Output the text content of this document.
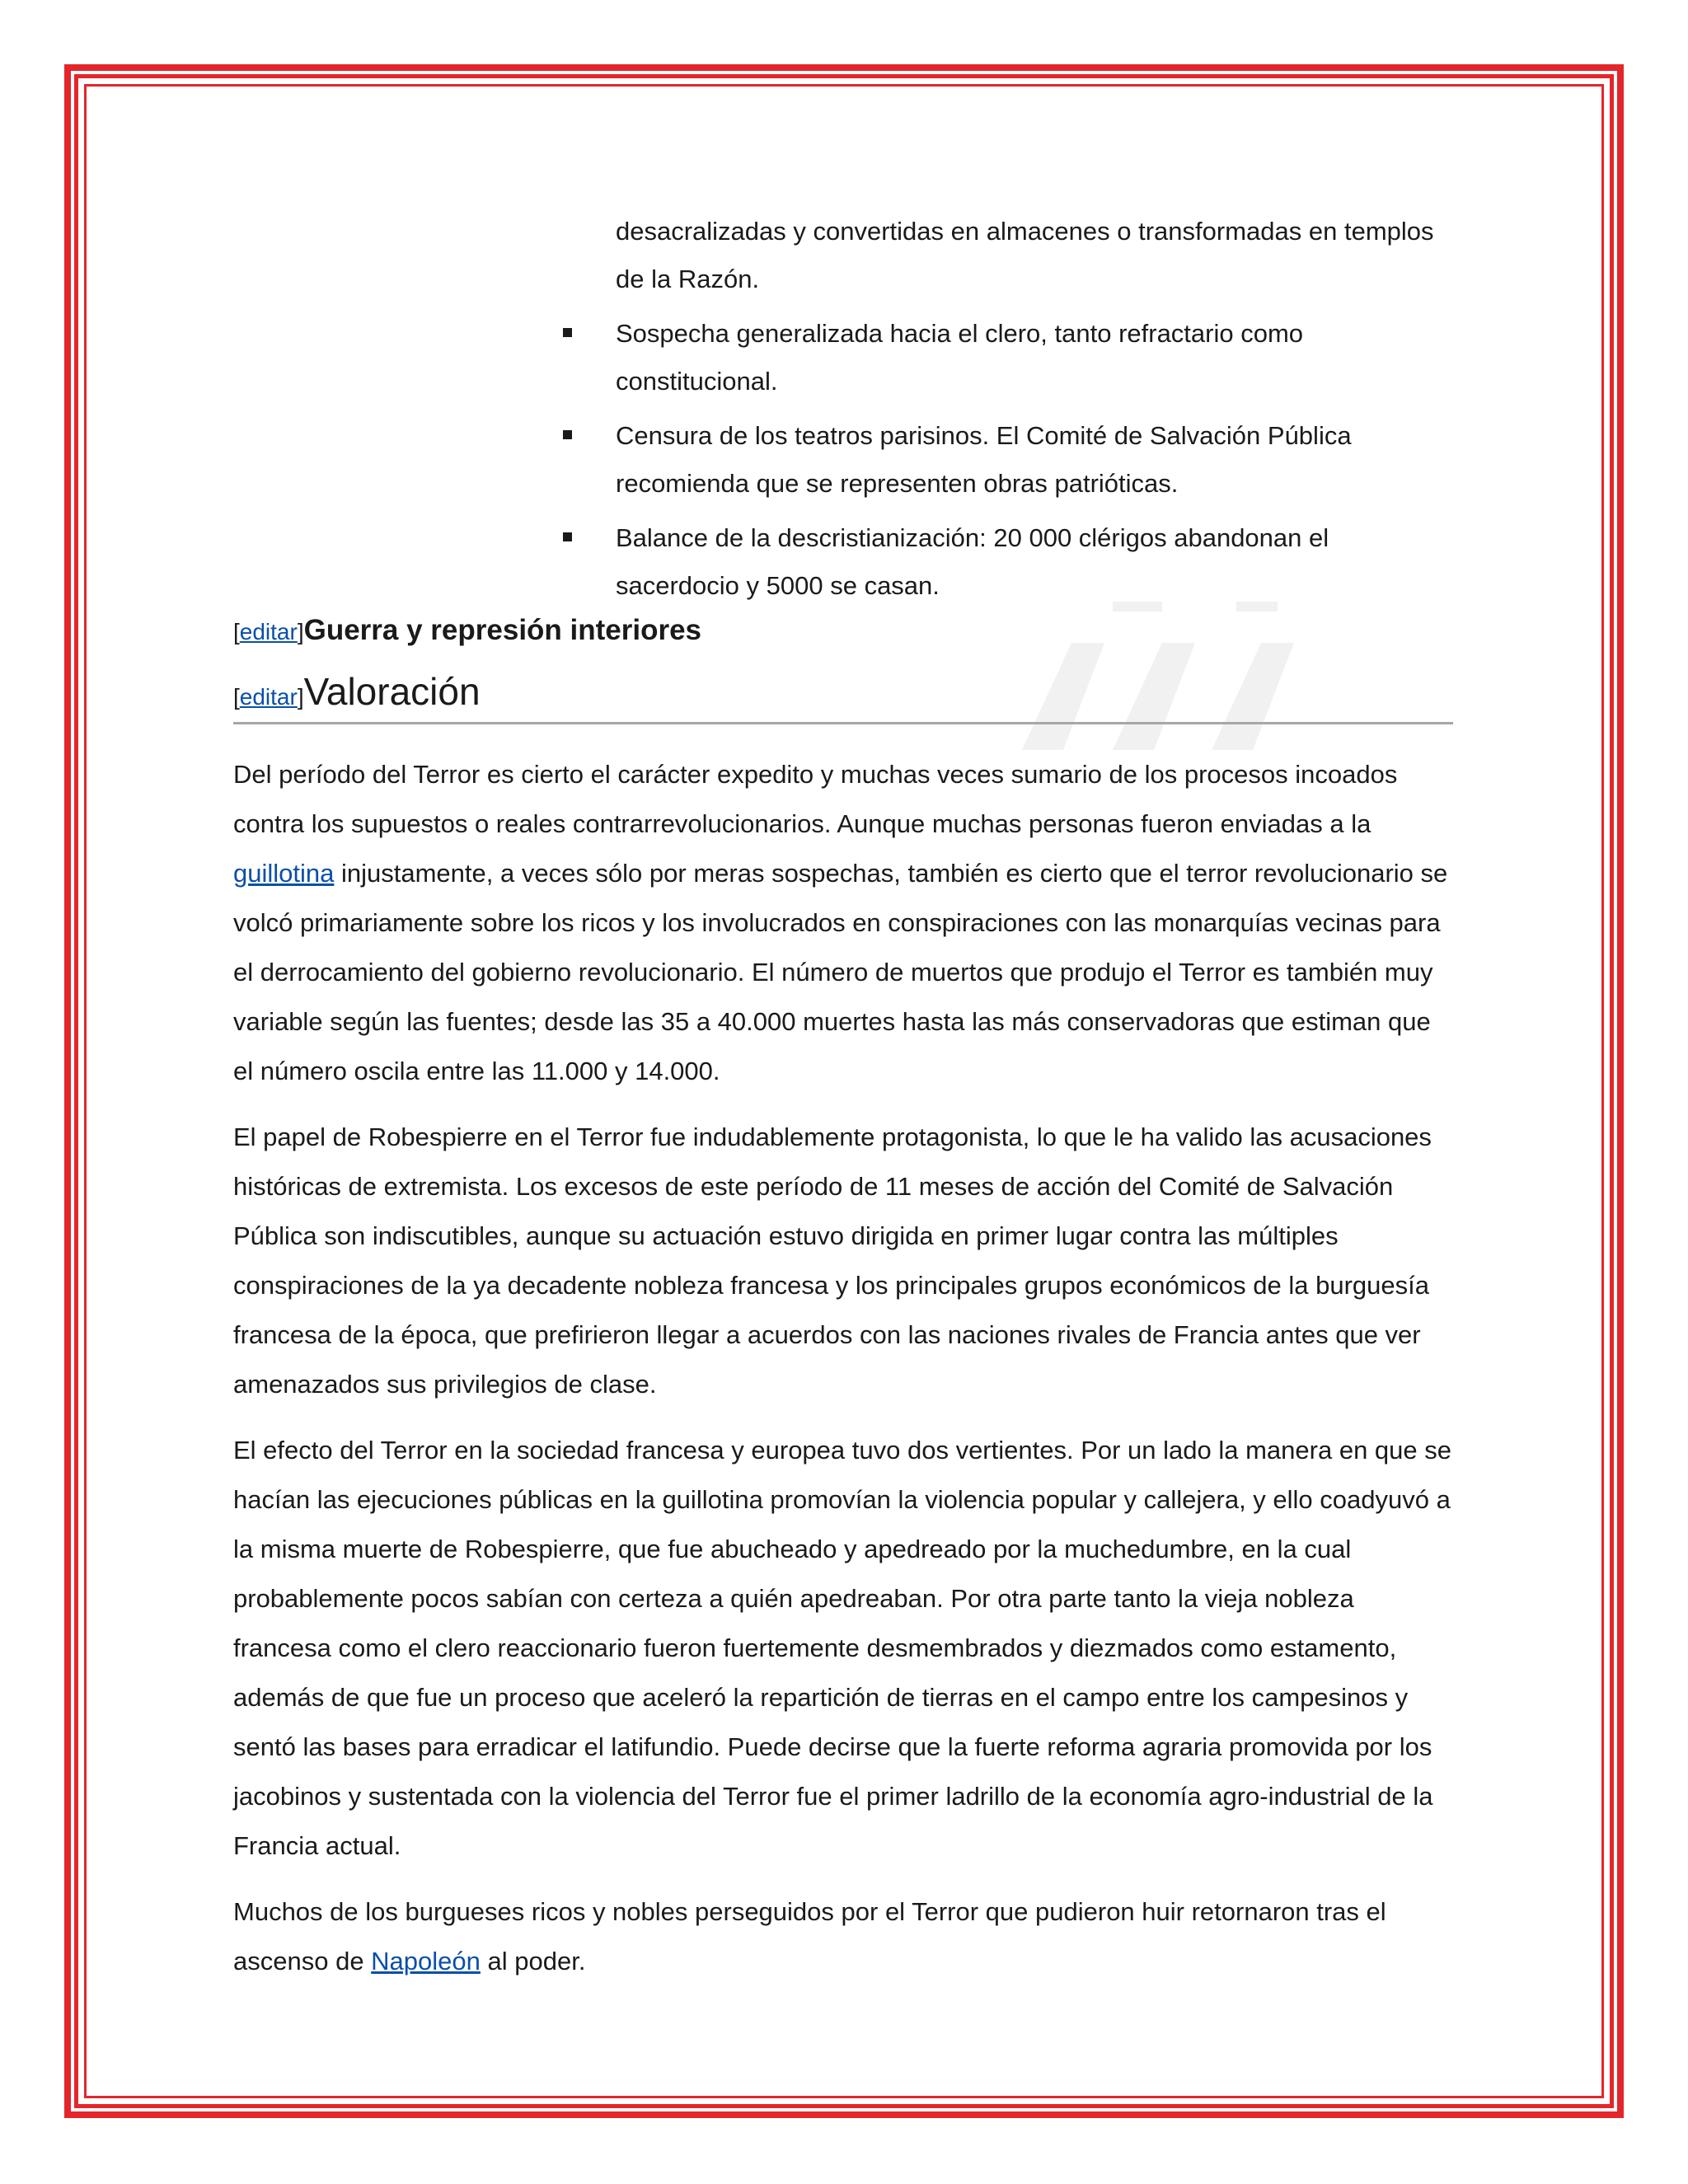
desacralizadas y convertidas en almacenes o transformadas en templos de la Razón.
Sospecha generalizada hacia el clero, tanto refractario como constitucional.
Censura de los teatros parisinos. El Comité de Salvación Pública recomienda que se representen obras patrióticas.
Balance de la descristianización: 20 000 clérigos abandonan el sacerdocio y 5000 se casan.
[editar]Guerra y represión interiores
[editar]Valoración

Del período del Terror es cierto el carácter expedito y muchas veces sumario de los procesos incoados contra los supuestos o reales contrarrevolucionarios. Aunque muchas personas fueron enviadas a la guillotina injustamente, a veces sólo por meras sospechas, también es cierto que el terror revolucionario se volcó primariamente sobre los ricos y los involucrados en conspiraciones con las monarquías vecinas para el derrocamiento del gobierno revolucionario. El número de muertos que produjo el Terror es también muy variable según las fuentes; desde las 35 a 40.000 muertes hasta las más conservadoras que estiman que el número oscila entre las 11.000 y 14.000.

El papel de Robespierre en el Terror fue indudablemente protagonista, lo que le ha valido las acusaciones históricas de extremista. Los excesos de este período de 11 meses de acción del Comité de Salvación Pública son indiscutibles, aunque su actuación estuvo dirigida en primer lugar contra las múltiples conspiraciones de la ya decadente nobleza francesa y los principales grupos económicos de la burguesía francesa de la época, que prefirieron llegar a acuerdos con las naciones rivales de Francia antes que ver amenazados sus privilegios de clase.

El efecto del Terror en la sociedad francesa y europea tuvo dos vertientes. Por un lado la manera en que se hacían las ejecuciones públicas en la guillotina promovían la violencia popular y callejera, y ello coadyuvó a la misma muerte de Robespierre, que fue abucheado y apedreado por la muchedumbre, en la cual probablemente pocos sabían con certeza a quién apedreaban. Por otra parte tanto la vieja nobleza francesa como el clero reaccionario fueron fuertemente desmembrados y diezmados como estamento, además de que fue un proceso que aceleró la repartición de tierras en el campo entre los campesinos y sentó las bases para erradicar el latifundio. Puede decirse que la fuerte reforma agraria promovida por los jacobinos y sustentada con la violencia del Terror fue el primer ladrillo de la economía agro-industrial de la Francia actual.

Muchos de los burgueses ricos y nobles perseguidos por el Terror que pudieron huir retornaron tras el ascenso de Napoleón al poder.
